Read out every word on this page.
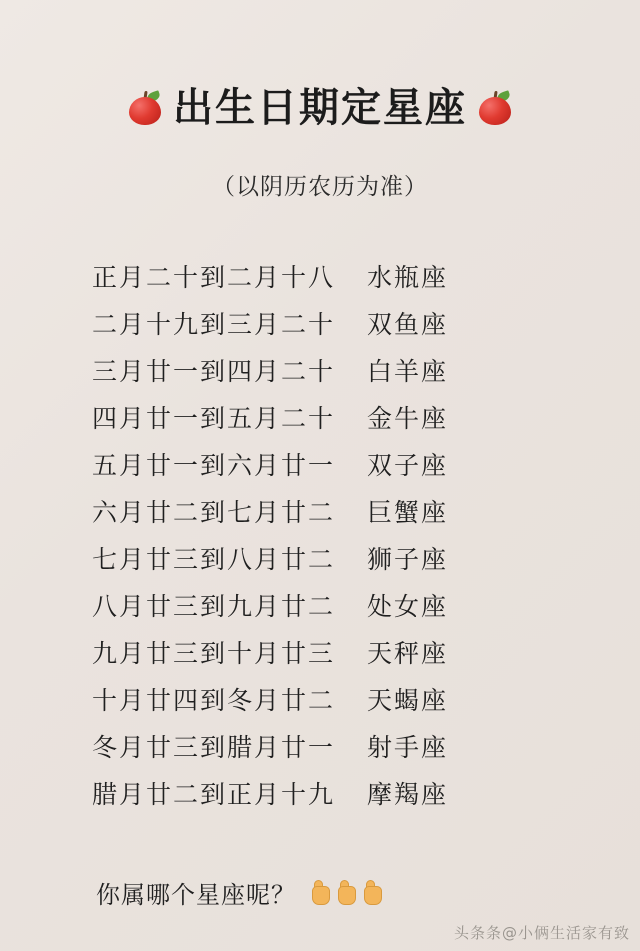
出生日期定星座
（以阴历农历为准）
正月二十到二月十八	水瓶座
二月十九到三月二十	双鱼座
三月廿一到四月二十	白羊座
四月廿一到五月二十	金牛座
五月廿一到六月廿一	双子座
六月廿二到七月廿二	巨蟹座
七月廿三到八月廿二	狮子座
八月廿三到九月廿二	处女座
九月廿三到十月廿三	天秤座
十月廿四到冬月廿二	天蝎座
冬月廿三到腊月廿一	射手座
腊月廿二到正月十九	摩羯座
你属哪个星座呢？
头条条@小俩生活家有致
